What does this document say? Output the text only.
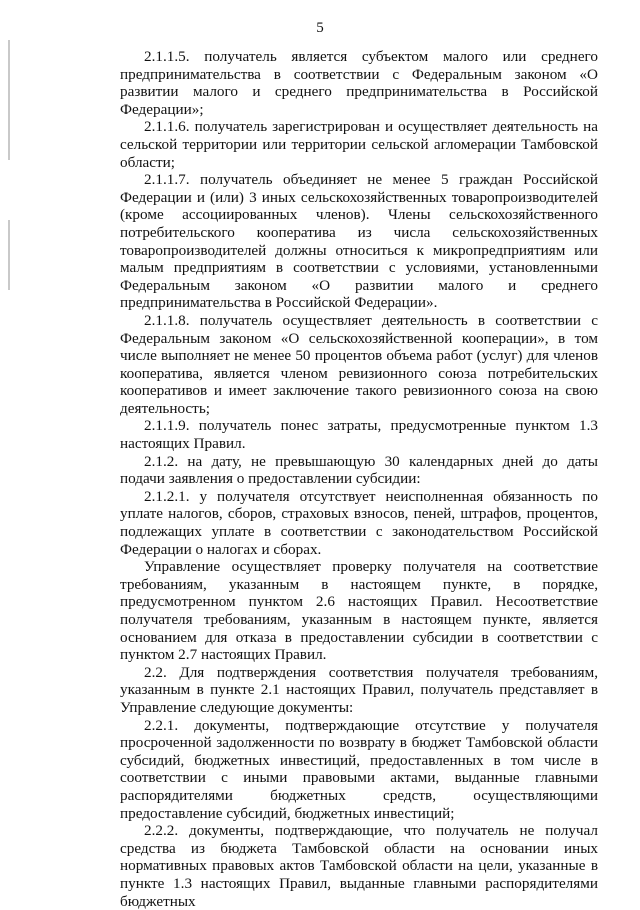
5

2.1.1.5. получатель является субъектом малого или среднего предпринимательства в соответствии с Федеральным законом «О развитии малого и среднего предпринимательства в Российской Федерации»;

2.1.1.6. получатель зарегистрирован и осуществляет деятельность на сельской территории или территории сельской агломерации Тамбовской области;

2.1.1.7. получатель объединяет не менее 5 граждан Российской Федерации и (или) 3 иных сельскохозяйственных товаропроизводителей (кроме ассоциированных членов). Члены сельскохозяйственного потребительского кооператива из числа сельскохозяйственных товаропроизводителей должны относиться к микропредприятиям или малым предприятиям в соответствии с условиями, установленными Федеральным законом «О развитии малого и среднего предпринимательства в Российской Федерации».

2.1.1.8. получатель осуществляет деятельность в соответствии с Федеральным законом «О сельскохозяйственной кооперации», в том числе выполняет не менее 50 процентов объема работ (услуг) для членов кооператива, является членом ревизионного союза потребительских кооперативов и имеет заключение такого ревизионного союза на свою деятельность;

2.1.1.9. получатель понес затраты, предусмотренные пунктом 1.3 настоящих Правил.

2.1.2. на дату, не превышающую 30 календарных дней до даты подачи заявления о предоставлении субсидии:

2.1.2.1. у получателя отсутствует неисполненная обязанность по уплате налогов, сборов, страховых взносов, пеней, штрафов, процентов, подлежащих уплате в соответствии с законодательством Российской Федерации о налогах и сборах.

Управление осуществляет проверку получателя на соответствие требованиям, указанным в настоящем пункте, в порядке, предусмотренном пунктом 2.6 настоящих Правил. Несоответствие получателя требованиям, указанным в настоящем пункте, является основанием для отказа в предоставлении субсидии в соответствии с пунктом 2.7 настоящих Правил.

2.2. Для подтверждения соответствия получателя требованиям, указанным в пункте 2.1 настоящих Правил, получатель представляет в Управление следующие документы:

2.2.1. документы, подтверждающие отсутствие у получателя просроченной задолженности по возврату в бюджет Тамбовской области субсидий, бюджетных инвестиций, предоставленных в том числе в соответствии с иными правовыми актами, выданные главными распорядителями бюджетных средств, осуществляющими предоставление субсидий, бюджетных инвестиций;

2.2.2. документы, подтверждающие, что получатель не получал средства из бюджета Тамбовской области на основании иных нормативных правовых актов Тамбовской области на цели, указанные в пункте 1.3 настоящих Правил, выданные главными распорядителями бюджетных
